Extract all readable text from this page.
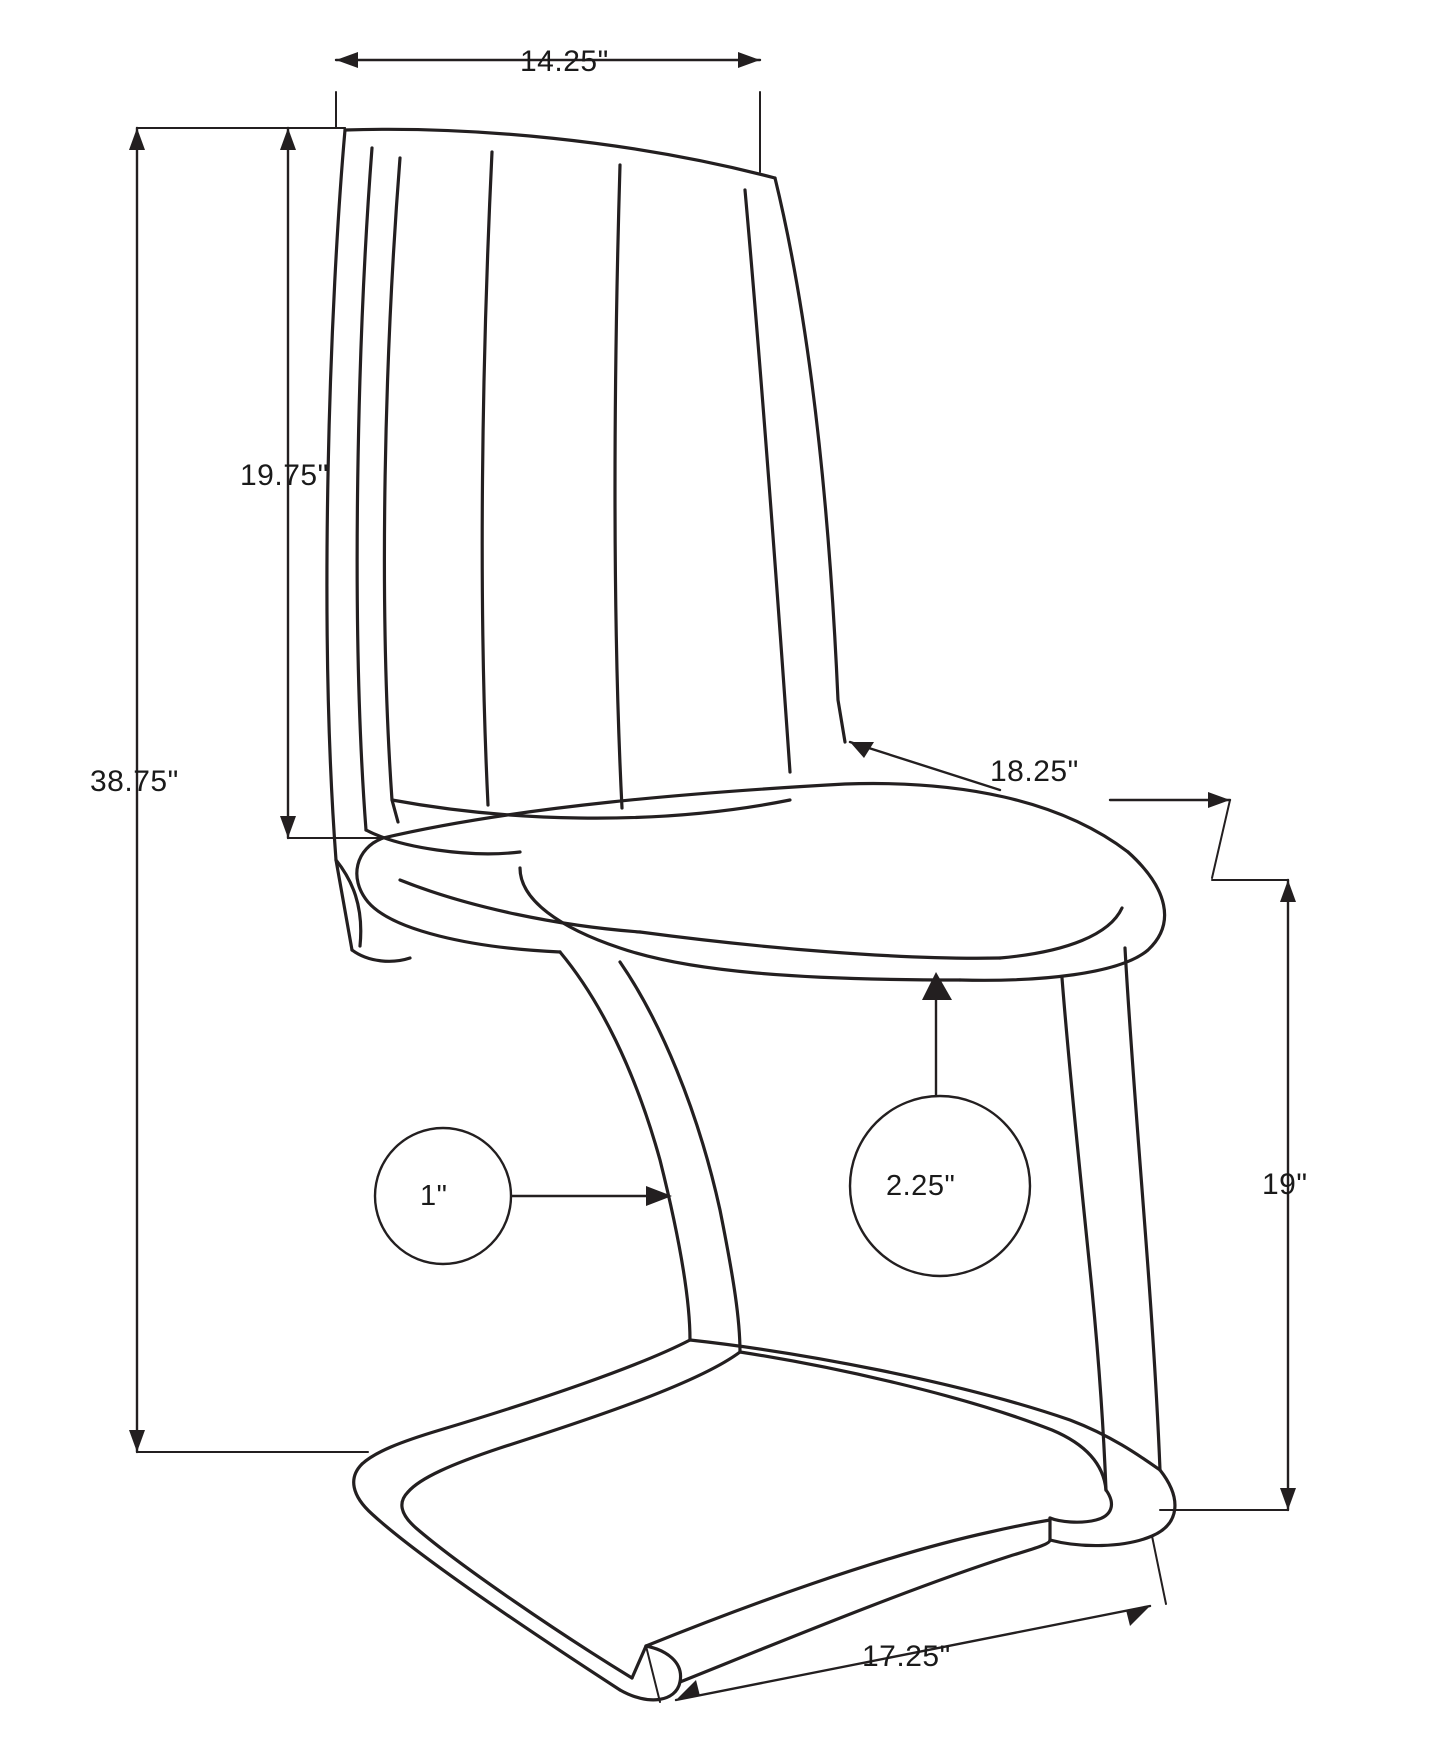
14.25"
19.75"
38.75"	18.25"
19"
1"	2.25"
17.25"
